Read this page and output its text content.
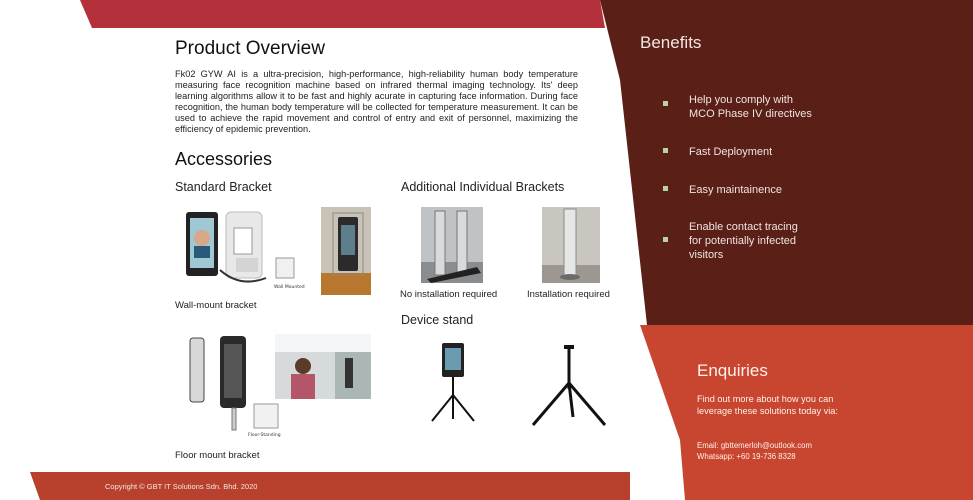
Product Overview

Fk02 GYW AI is a ultra-precision, high-performance, high-reliability human body temperature measuring face recognition machine based on infrared thermal imaging technology. Its' deep learning algorithms allow it to be fast and highly acurate in capturing face information. During face recognition, the human body temperature will be collected for temperature measurement. It can be used to achieve the rapid movement and control of entry and exit of personnel, maximizing the efficiency of epidemic prevention.

Accessories
Standard Bracket	Additional Individual Brackets
Wall Mounted
Wall-mount bracket
No installation required	Installation required
Device stand
Floor-Standing
Floor mount bracket
Benefits
Help you comply with MCO Phase IV directives
Fast Deployment
Easy maintainence
Enable contact tracing for potentially infected visitors
Enquiries

Find out more about how you can leverage these solutions today via:

Email: gbttemerloh@outlook.com
Whatsapp: +60 19-736 8328
Copyright © GBT IT Solutions Sdn. Bhd. 2020
